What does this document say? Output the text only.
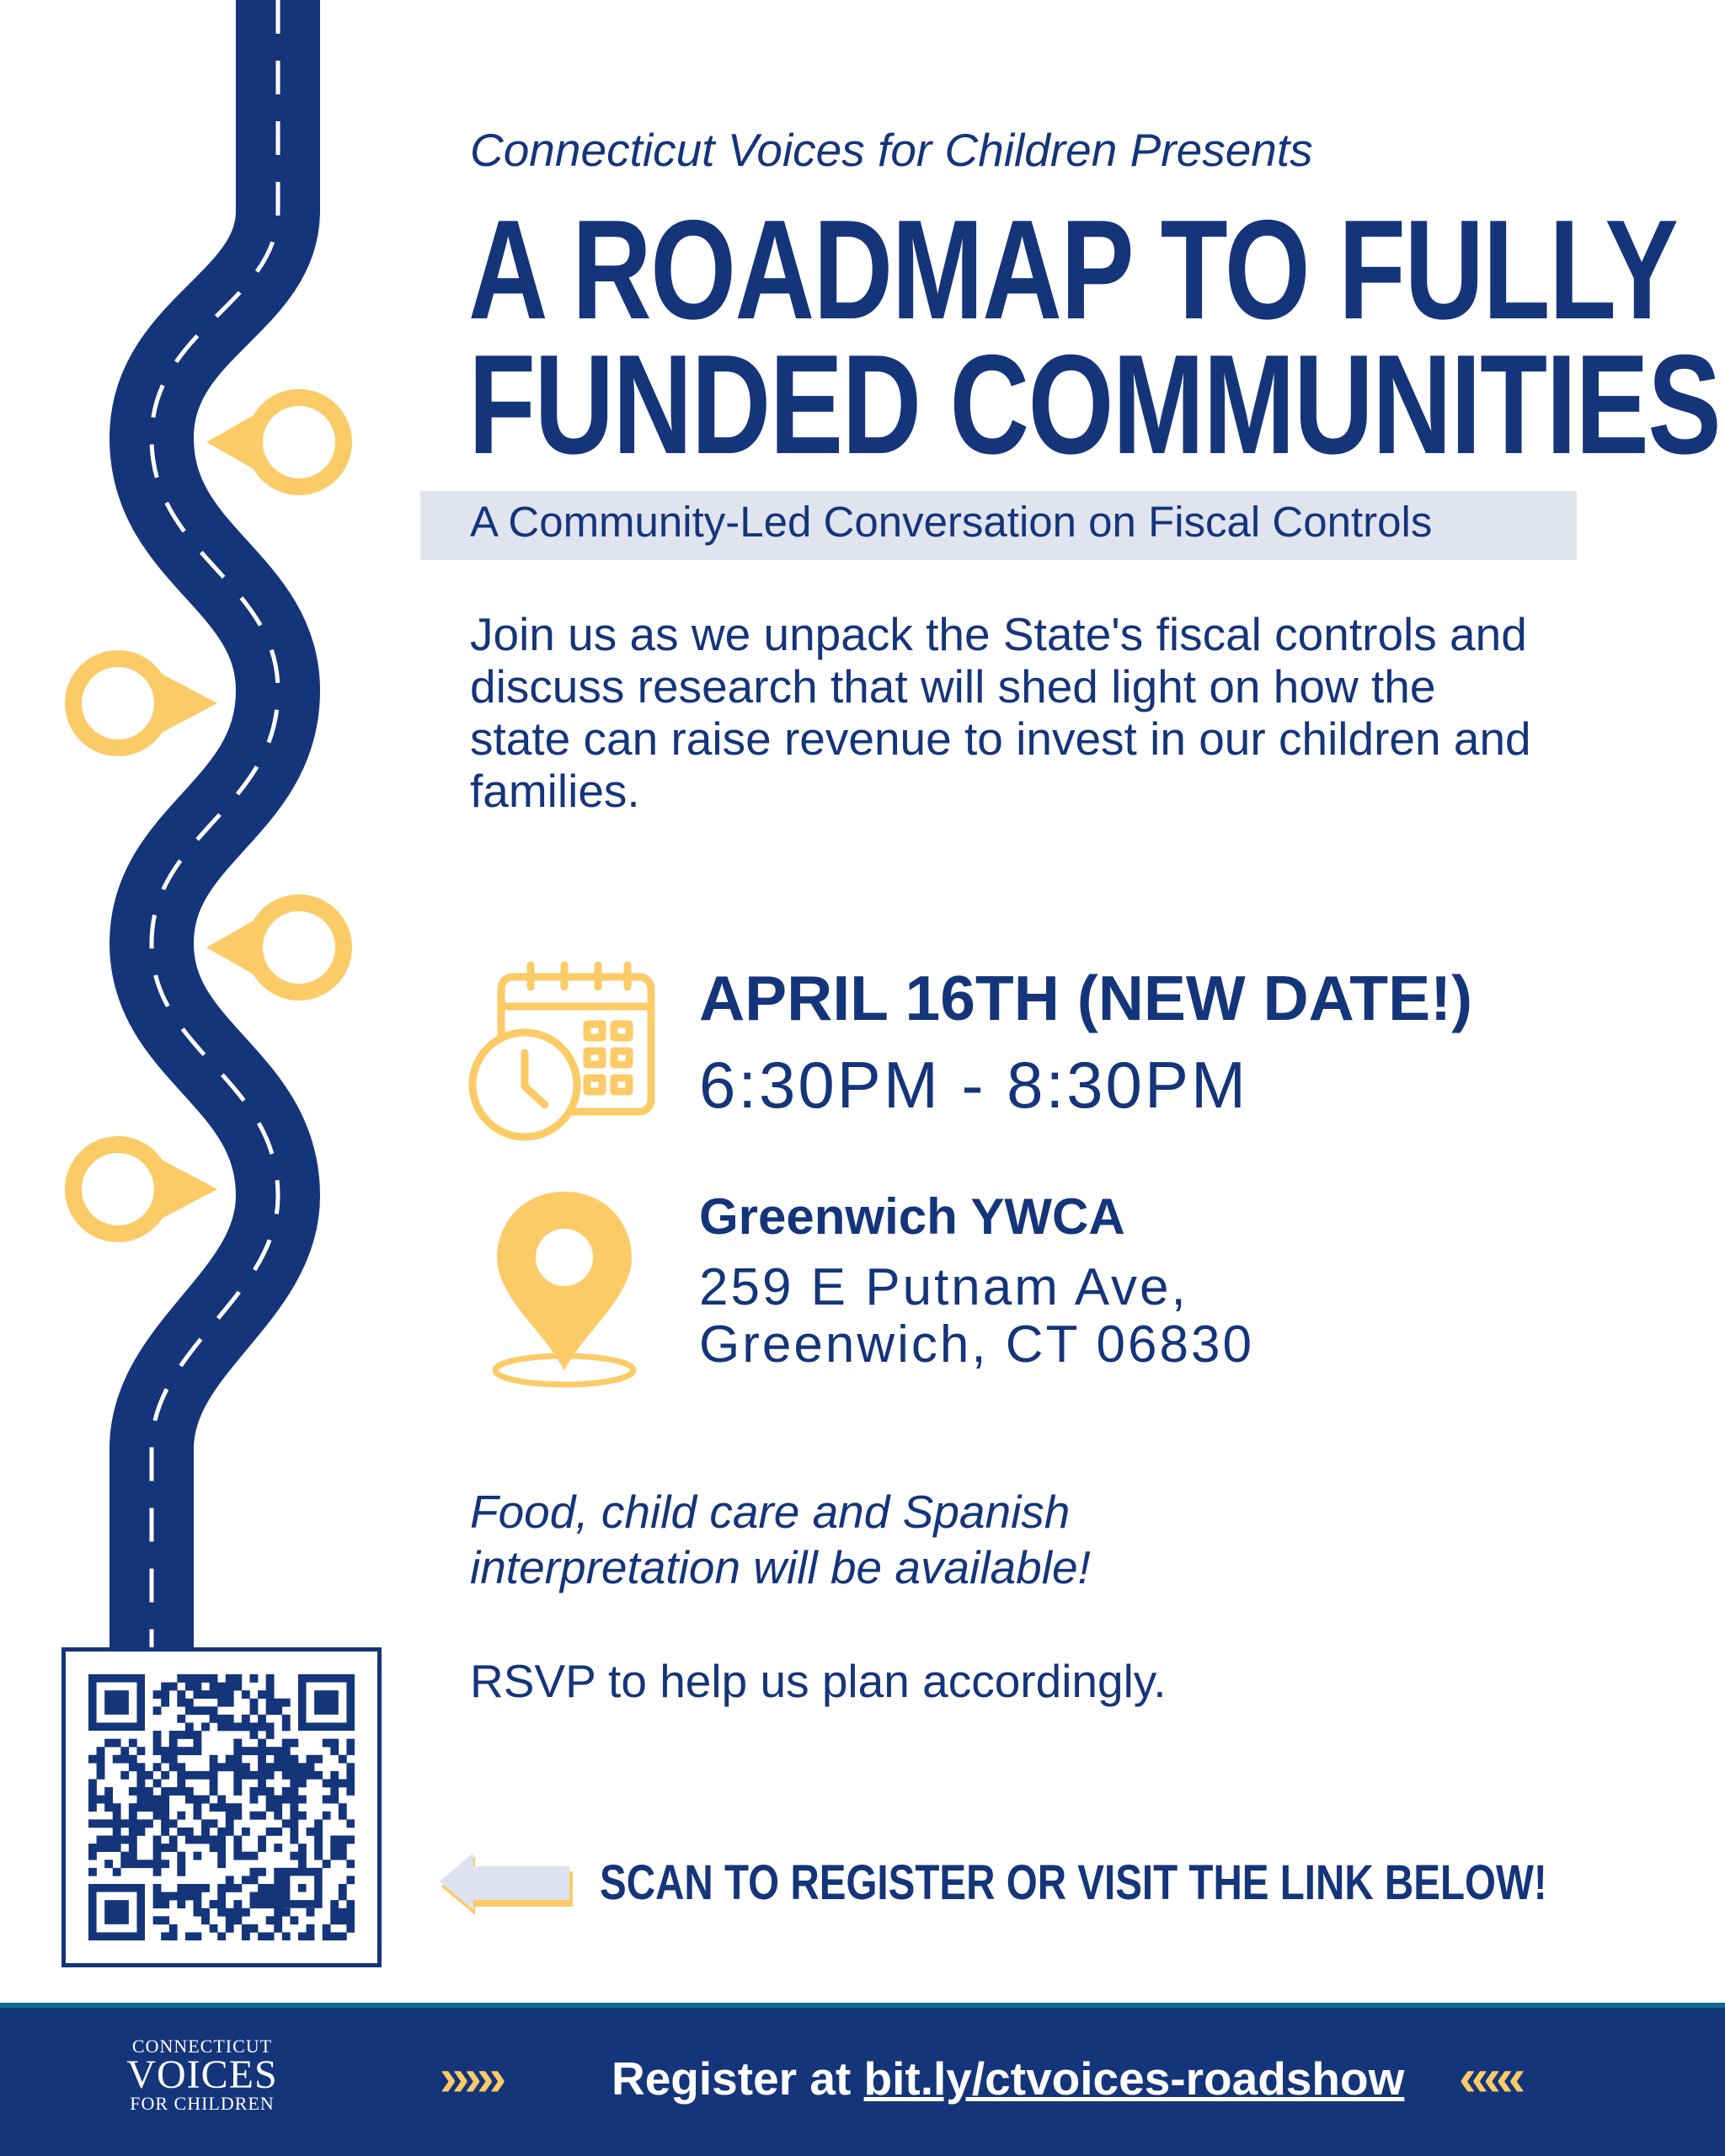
Connecticut Voices for Children Presents
A ROADMAP TO FULLY
FUNDED COMMUNITIES
A Community-Led Conversation on Fiscal Controls

Join us as we unpack the State's fiscal controls and discuss research that will shed light on how the state can raise revenue to invest in our children and families.

APRIL 16TH (NEW DATE!)
6:30PM - 8:30PM
Greenwich YWCA
259 E Putnam Ave,
Greenwich, CT 06830

Food, child care and Spanish
interpretation will be available!

RSVP to help us plan accordingly.
SCAN TO REGISTER OR VISIT THE LINK BELOW!
CONNECTICUT
VOICES
FOR CHILDREN	››››› Register at bit.ly/ctvoices-roadshow ‹‹‹‹‹
